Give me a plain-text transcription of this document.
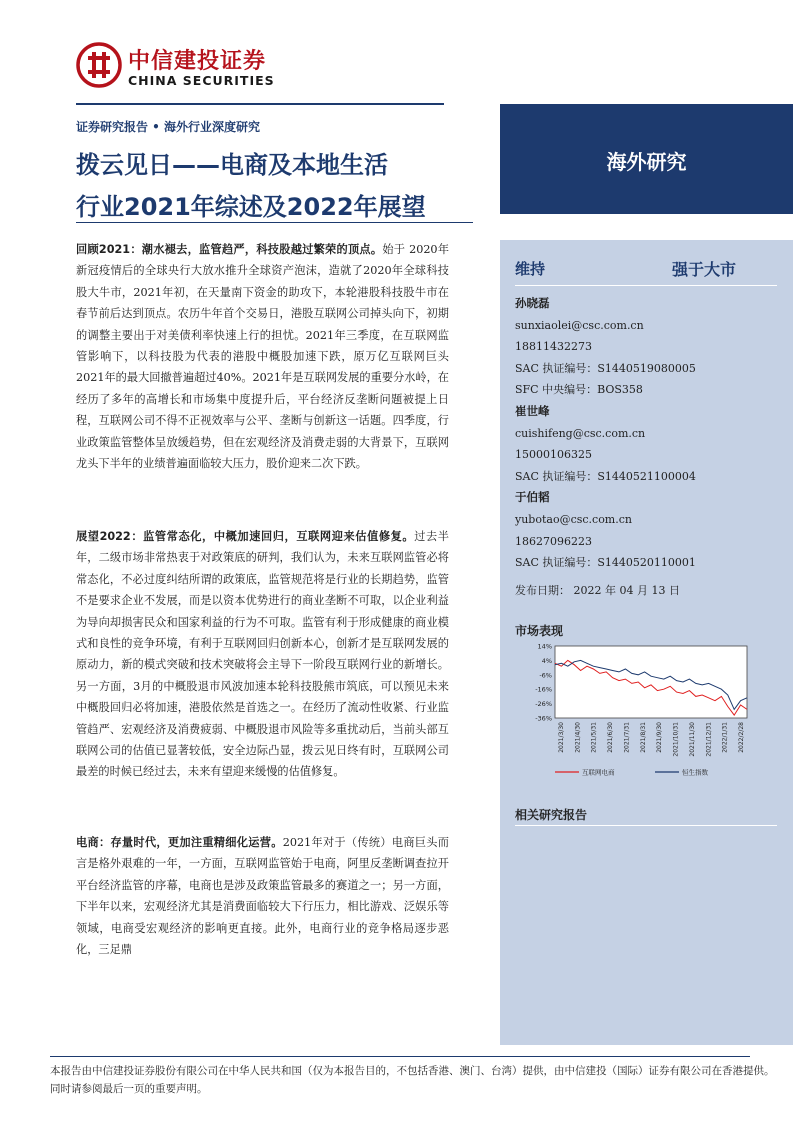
中信建投证券
CHINA SECURITIES
证券研究报告 • 海外行业深度研究
拨云见日——电商及本地生活
行业2021年综述及2022年展望
海外研究
回顾2021：潮水褪去，监管趋严，科技股越过繁荣的顶点。始于 2020年新冠疫情后的全球央行大放水推升全球资产泡沫，造就了2020年全球科技股大牛市，2021年初，在天量南下资金的助攻下，本轮港股科技股牛市在春节前后达到顶点。农历牛年首个交易日，港股互联网公司掉头向下，初期的调整主要出于对美债利率快速上行的担忧。2021年三季度，在互联网监管影响下，以科技股为代表的港股中概股加速下跌，原万亿互联网巨头2021年的最大回撤普遍超过40%。2021年是互联网发展的重要分水岭，在经历了多年的高增长和市场集中度提升后，平台经济反垄断问题被提上日程，互联网公司不得不正视效率与公平、垄断与创新这一话题。四季度，行业政策监管整体呈放缓趋势，但在宏观经济及消费走弱的大背景下，互联网龙头下半年的业绩普遍面临较大压力，股价迎来二次下跌。
展望2022：监管常态化，中概加速回归，互联网迎来估值修复。过去半年，二级市场非常热衷于对政策底的研判，我们认为，未来互联网监管必将常态化，不必过度纠结所谓的政策底，监管规范将是行业的长期趋势，监管不是要求企业不发展，而是以资本优势进行的商业垄断不可取，以企业利益为导向却损害民众和国家利益的行为不可取。监管有利于形成健康的商业模式和良性的竞争环境，有利于互联网回归创新本心，创新才是互联网发展的原动力，新的模式突破和技术突破将会主导下一阶段互联网行业的新增长。另一方面，3月的中概股退市风波加速本轮科技股熊市筑底，可以预见未来中概股回归必将加速，港股依然是首选之一。在经历了流动性收紧、行业监管趋严、宏观经济及消费疲弱、中概股退市风险等多重扰动后，当前头部互联网公司的估值已显著较低，安全边际凸显，拨云见日终有时，互联网公司最差的时候已经过去，未来有望迎来缓慢的估值修复。
电商：存量时代，更加注重精细化运营。2021年对于（传统）电商巨头而言是格外艰难的一年，一方面，互联网监管始于电商，阿里反垄断调查拉开平台经济监管的序幕，电商也是涉及政策监管最多的赛道之一；另一方面，下半年以来，宏观经济尤其是消费面临较大下行压力，相比游戏、泛娱乐等领域，电商受宏观经济的影响更直接。此外，电商行业的竞争格局逐步恶化，三足鼎
维持	强于大市
孙晓磊
sunxiaolei@csc.com.cn
18811432273
SAC 执证编号：S1440519080005
SFC 中央编号：BOS358
崔世峰
cuishifeng@csc.com.cn
15000106325
SAC 执证编号：S1440521100004
于伯韬
yubotao@csc.com.cn
18627096223
SAC 执证编号：S1440520110001
发布日期： 2022 年 04 月 13 日
市场表现
14%
4%
-6%
-16%
-26%
-36%
2021/3/30 2021/4/30 2021/5/31 2021/6/30 2021/7/31 2021/8/31 2021/9/30 2021/10/31 2021/11/30 2021/12/31 2022/1/31 2022/2/28
互联网电商	恒生指数
相关研究报告
本报告由中信建投证券股份有限公司在中华人民共和国（仅为本报告目的，不包括香港、澳门、台湾）提供，由中信建投（国际）证券有限公司在香港提供。同时请参阅最后一页的重要声明。
